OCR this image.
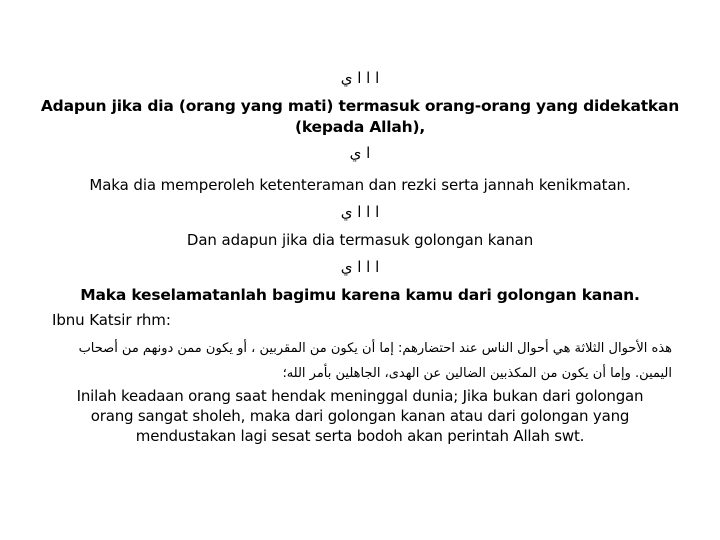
ا ا ا ي
Adapun jika dia (orang yang mati) termasuk orang-orang yang didekatkan
(kepada Allah),
ا ي
Maka dia memperoleh ketenteraman dan rezki serta jannah kenikmatan.
ا ا ا ي
Dan adapun jika dia termasuk golongan kanan
ا ا ا ي
Maka keselamatanlah bagimu karena kamu dari golongan kanan.
Ibnu Katsir rhm:
هذه الأحوال الثلاثة هي أحوال الناس عند احتضارهم: إما أن يكون من المقربين ، أو يكون ممن دونهم من أصحاب اليمين. وإما أن يكون من المكذبين الضالين عن الهدى، الجاهلين بأمر الله؛
Inilah keadaan orang saat hendak meninggal dunia; Jika bukan dari golongan
orang sangat sholeh, maka dari golongan kanan atau dari golongan yang
mendustakan lagi sesat serta bodoh akan perintah Allah swt.
